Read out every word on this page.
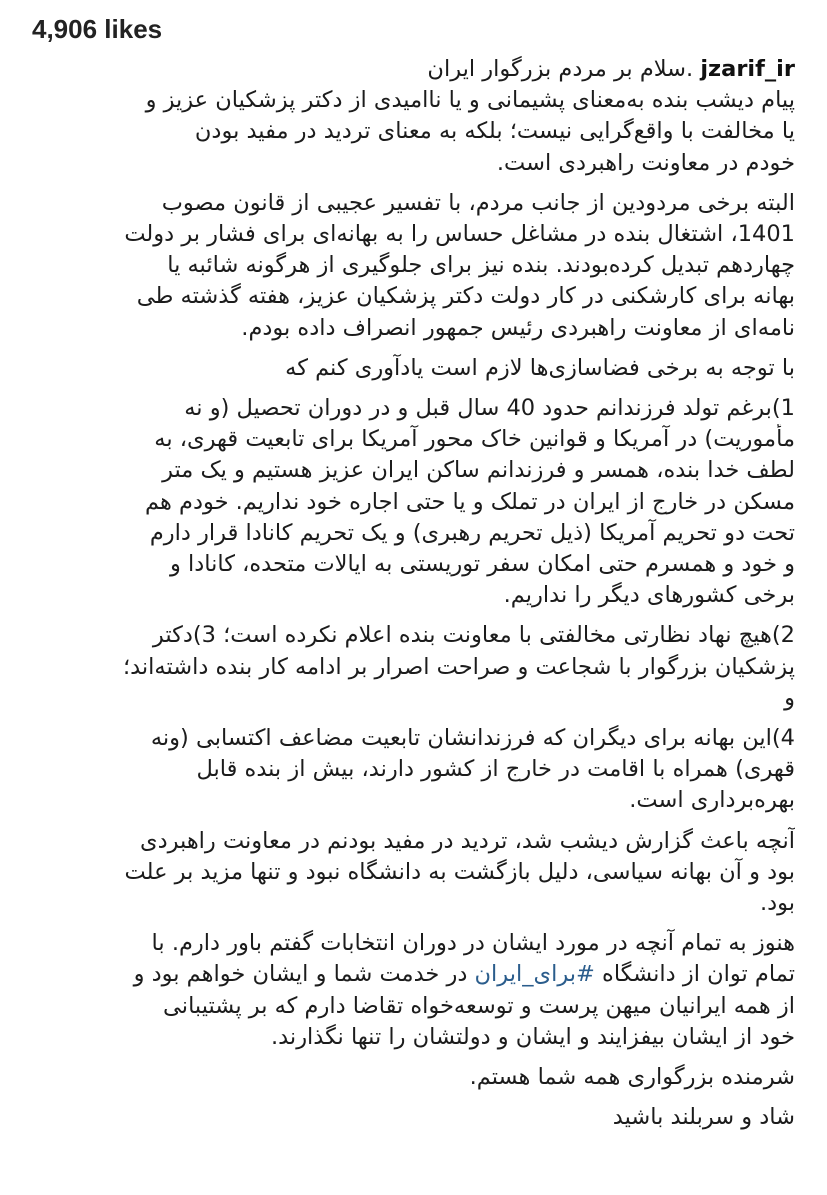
4,906 likes
jzarif_ir .سلام بر مردم بزرگوار ایران
پیام دیشب بنده به‌معنای پشیمانی و یا ناامیدی از دکتر پزشکیان عزیز و
یا مخالفت با واقع‌گرایی نیست؛ بلکه به معنای تردید در مفید بودن
خودم در معاونت راهبردی است.
البته برخی مردودین از جانب مردم، با تفسیر عجیبی از قانون مصوب
1401، اشتغال بنده در مشاغل حساس را به بهانه‌ای برای فشار بر دولت
چهاردهم تبدیل کرده‌بودند. بنده نیز برای جلوگیری از هرگونه شائبه یا
بهانه برای کارشکنی در کار دولت دکتر پزشکیان عزیز، هفته گذشته طی
نامه‌ای از معاونت راهبردی رئیس جمهور انصراف داده بودم.
با توجه به برخی فضاسازی‌ها لازم است یادآوری کنم که
1)برغم تولد فرزندانم حدود 40 سال قبل و در دوران تحصیل (و نه
مأموریت) در آمریکا و قوانین خاک محور آمریکا برای تابعیت قهری، به
لطف خدا بنده، همسر و فرزندانم ساکن ایران عزیز هستیم و یک متر
مسکن در خارج از ایران در تملک و یا حتی اجاره خود نداریم. خودم هم
تحت دو تحریم آمریکا (ذیل تحریم رهبری) و یک تحریم کانادا قرار دارم
و خود و همسرم حتی امکان سفر توریستی به ایالات متحده، کانادا و
برخی کشورهای دیگر را نداریم.
2)هیچ نهاد نظارتی مخالفتی با معاونت بنده اعلام نکرده است؛ 3)دکتر
پزشکیان بزرگوار با شجاعت و صراحت اصرار بر ادامه کار بنده داشته‌اند؛
و
4)این بهانه برای دیگران که فرزندانشان تابعیت مضاعف اکتسابی (ونه
قهری) همراه با اقامت در خارج از کشور دارند، بیش از بنده قابل
بهره‌برداری است.
آنچه باعث گزارش دیشب شد، تردید در مفید بودنم در معاونت راهبردی
بود و آن بهانه سیاسی، دلیل بازگشت به دانشگاه نبود و تنها مزید بر علت
بود.
هنوز به تمام آنچه در مورد ایشان در دوران انتخابات گفتم باور دارم. با
تمام توان از دانشگاه #برای_ایران در خدمت شما و ایشان خواهم بود و
از همه ایرانیان میهن پرست و توسعه‌خواه تقاضا دارم که بر پشتیبانی
خود از ایشان بیفزایند و ایشان و دولتشان را تنها نگذارند.
شرمنده بزرگواری همه شما هستم.
شاد و سربلند باشید
